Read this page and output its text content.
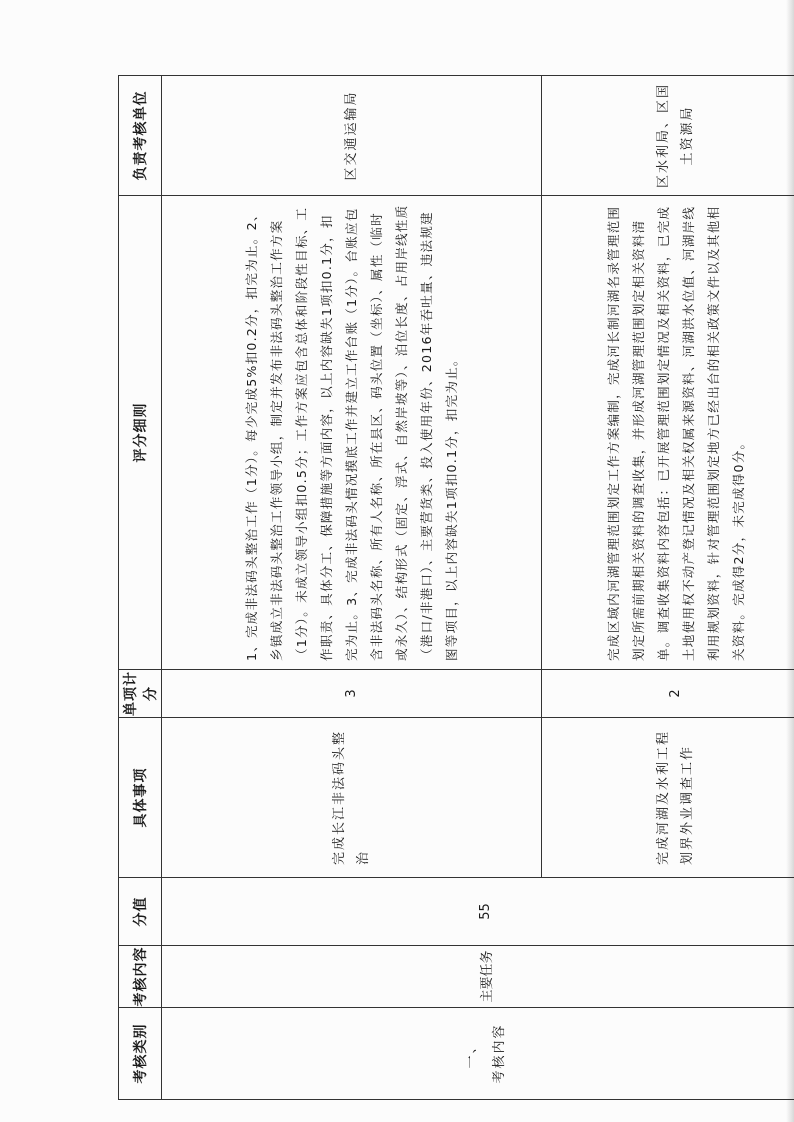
考核类别	考核内容	分值	具体事项	单项计分	评分细则	负责考核单位

一、 考核内容	主要任务	55	完成长江非法码头整治	3	1、完成非法码头整治工作（1分）。每少完成5%扣0.2分，扣完为止。2、乡镇成立非法码头整治工作领导小组，制定并发布非法码头整治工作方案（1分）。未成立领导小组扣0.5分；工作方案应包含总体和阶段性目标、工作职责、具体分工、保障措施等方面内容，以上内容缺失1项扣0.1分，扣完为止。3、完成非法码头情况摸底工作并建立工作台账（1分）。台账应包含非法码头名称、所有人名称、所在县区、码头位置（坐标）、属性（临时或永久）、结构形式（固定、浮式、自然岸坡等）、泊位长度、占用岸线性质（港口/非港口）、主要营货类、投入使用年份、2016年吞吐量、违法规建图等项目，以上内容缺失1项扣0.1分，扣完为止。	区交通运输局
			完成河湖及水利工程划界外业调查工作	2	完成区域内河湖管理范围划定工作方案编制，完成河长制河湖名录管理范围划定所需前期相关资料的调查收集，并形成河湖管理范围划定相关资料清单。调查收集资料内容包括：已开展管理范围划定情况及相关资料，已完成土地使用权不动产登记情况及相关权属来源资料、河湖洪水位值、河湖岸线利用规划资料，针对管理范围划定地方已经出台的相关政策文件以及其他相关资料。完成得2分，未完成得0分。	区水利局、区国土资源局
